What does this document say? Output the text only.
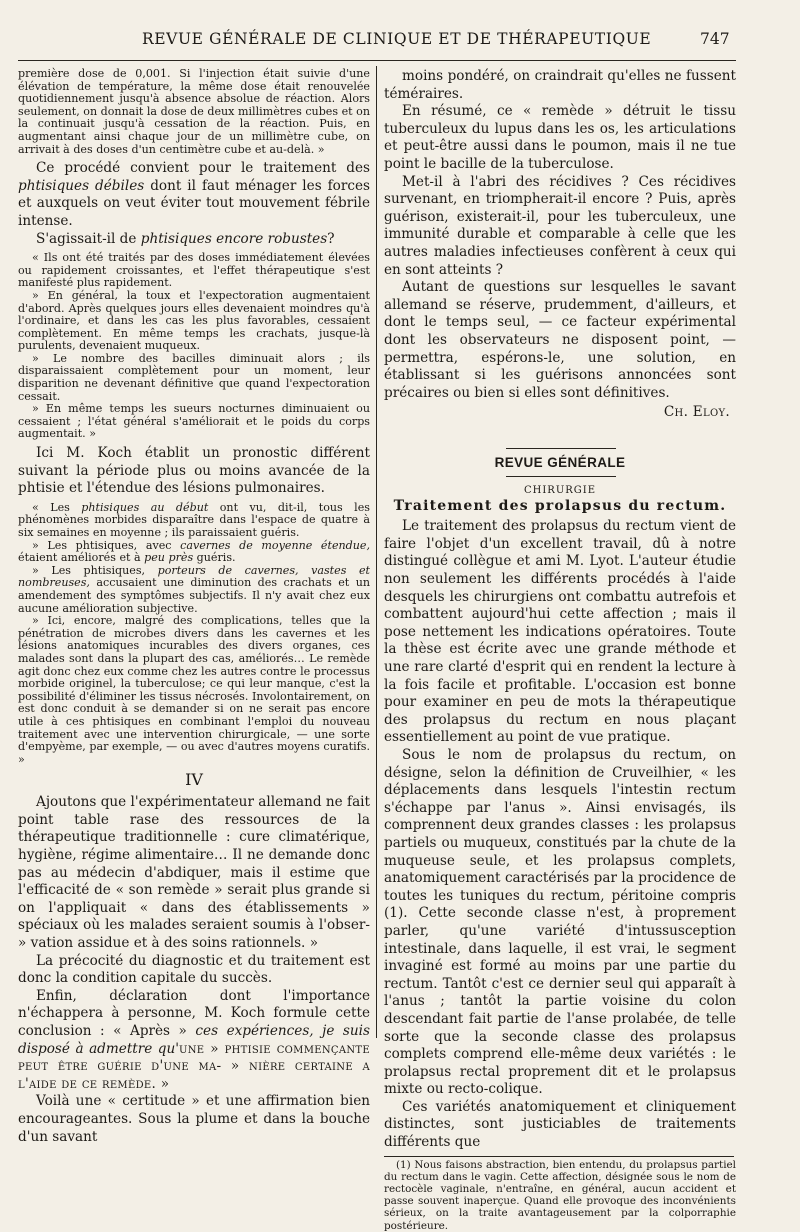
REVUE GÉNÉRALE DE CLINIQUE ET DE THÉRAPEUTIQUE	747

première dose de 0,001. Si l'injection était suivie d'une élévation de température, la même dose était renouvelée quotidiennement jusqu'à absence absolue de réaction. Alors seulement, on donnait la dose de deux millimètres cubes et on la continuait jusqu'à cessation de la réaction. Puis, en augmentant ainsi chaque jour de un millimètre cube, on arrivait à des doses d'un centimètre cube et au-delà. »

Ce procédé convient pour le traitement des phtisiques débiles dont il faut ménager les forces et auxquels on veut éviter tout mouvement fébrile intense.

S'agissait-il de phtisiques encore robustes?

« Ils ont été traités par des doses immédiatement élevées ou rapidement croissantes, et l'effet thérapeutique s'est manifesté plus rapidement.

» En général, la toux et l'expectoration augmentaient d'abord. Après quelques jours elles devenaient moindres qu'à l'ordinaire, et dans les cas les plus favorables, cessaient complètement. En même temps les crachats, jusque-là purulents, devenaient muqueux.

» Le nombre des bacilles diminuait alors ; ils disparaissaient complètement pour un moment, leur disparition ne devenant définitive que quand l'expectoration cessait.

» En même temps les sueurs nocturnes diminuaient ou cessaient ; l'état général s'améliorait et le poids du corps augmentait. »

Ici M. Koch établit un pronostic différent suivant la période plus ou moins avancée de la phtisie et l'étendue des lésions pulmonaires.

« Les phtisiques au début ont vu, dit-il, tous les phénomènes morbides disparaître dans l'espace de quatre à six semaines en moyenne ; ils paraissaient guéris.

» Les phtisiques, avec cavernes de moyenne étendue, étaient améliorés et à peu près guéris.

» Les phtisiques, porteurs de cavernes, vastes et nombreuses, accusaient une diminution des crachats et un amendement des symptômes subjectifs. Il n'y avait chez eux aucune amélioration subjective.

» Ici, encore, malgré des complications, telles que la pénétration de microbes divers dans les cavernes et les lésions anatomiques incurables des divers organes, ces malades sont dans la plupart des cas, améliorés… Le remède agit donc chez eux comme chez les autres contre le processus morbide originel, la tuberculose; ce qui leur manque, c'est la possibilité d'éliminer les tissus nécrosés. Involontairement, on est donc conduit à se demander si on ne serait pas encore utile à ces phtisiques en combinant l'emploi du nouveau traitement avec une intervention chirurgicale, — une sorte d'empyème, par exemple, — ou avec d'autres moyens curatifs. »

IV

Ajoutons que l'expérimentateur allemand ne fait point table rase des ressources de la thérapeutique traditionnelle : cure climatérique, hygiène, régime alimentaire… Il ne demande donc pas au médecin d'abdiquer, mais il estime que l'efficacité de « son remède » serait plus grande si on l'appliquait « dans des établissements » spéciaux où les malades seraient soumis à l'obser- » vation assidue et à des soins rationnels. »

La précocité du diagnostic et du traitement est donc la condition capitale du succès.

Enfin, déclaration dont l'importance n'échappera à personne, M. Koch formule cette conclusion : « Après » ces expériences, je suis disposé à admettre qu'une » phtisie commençante peut être guérie d'une ma- » nière certaine a l'aide de ce remède. »

Voilà une « certitude » et une affirmation bien encourageantes. Sous la plume et dans la bouche d'un savant

moins pondéré, on craindrait qu'elles ne fussent téméraires.

En résumé, ce « remède » détruit le tissu tuberculeux du lupus dans les os, les articulations et peut-être aussi dans le poumon, mais il ne tue point le bacille de la tuberculose.

Met-il à l'abri des récidives ? Ces récidives survenant, en triompherait-il encore ? Puis, après guérison, existerait-il, pour les tuberculeux, une immunité durable et comparable à celle que les autres maladies infectieuses confèrent à ceux qui en sont atteints ?

Autant de questions sur lesquelles le savant allemand se réserve, prudemment, d'ailleurs, et dont le temps seul, — ce facteur expérimental dont les observateurs ne disposent point, — permettra, espérons-le, une solution, en établissant si les guérisons annoncées sont précaires ou bien si elles sont définitives.

Ch. Eloy.

REVUE GÉNÉRALE

CHIRURGIE

Traitement des prolapsus du rectum.

Le traitement des prolapsus du rectum vient de faire l'objet d'un excellent travail, dû à notre distingué collègue et ami M. Lyot. L'auteur étudie non seulement les différents procédés à l'aide desquels les chirurgiens ont combattu autrefois et combattent aujourd'hui cette affection ; mais il pose nettement les indications opératoires. Toute la thèse est écrite avec une grande méthode et une rare clarté d'esprit qui en rendent la lecture à la fois facile et profitable. L'occasion est bonne pour examiner en peu de mots la thérapeutique des prolapsus du rectum en nous plaçant essentiellement au point de vue pratique.

Sous le nom de prolapsus du rectum, on désigne, selon la définition de Cruveilhier, « les déplacements dans lesquels l'intestin rectum s'échappe par l'anus ». Ainsi envisagés, ils comprennent deux grandes classes : les prolapsus partiels ou muqueux, constitués par la chute de la muqueuse seule, et les prolapsus complets, anatomiquement caractérisés par la procidence de toutes les tuniques du rectum, péritoine compris (1). Cette seconde classe n'est, à proprement parler, qu'une variété d'intussusception intestinale, dans laquelle, il est vrai, le segment invaginé est formé au moins par une partie du rectum. Tantôt c'est ce dernier seul qui apparaît à l'anus ; tantôt la partie voisine du colon descendant fait partie de l'anse prolabée, de telle sorte que la seconde classe des prolapsus complets comprend elle-même deux variétés : le prolapsus rectal proprement dit et le prolapsus mixte ou recto-colique.

Ces variétés anatomiquement et cliniquement distinctes, sont justiciables de traitements différents que

(1) Nous faisons abstraction, bien entendu, du prolapsus partiel du rectum dans le vagin. Cette affection, désignée sous le nom de rectocèle vaginale, n'entraîne, en général, aucun accident et passe souvent inaperçue. Quand elle provoque des inconvénients sérieux, on la traite avantageusement par la colporraphie postérieure.
